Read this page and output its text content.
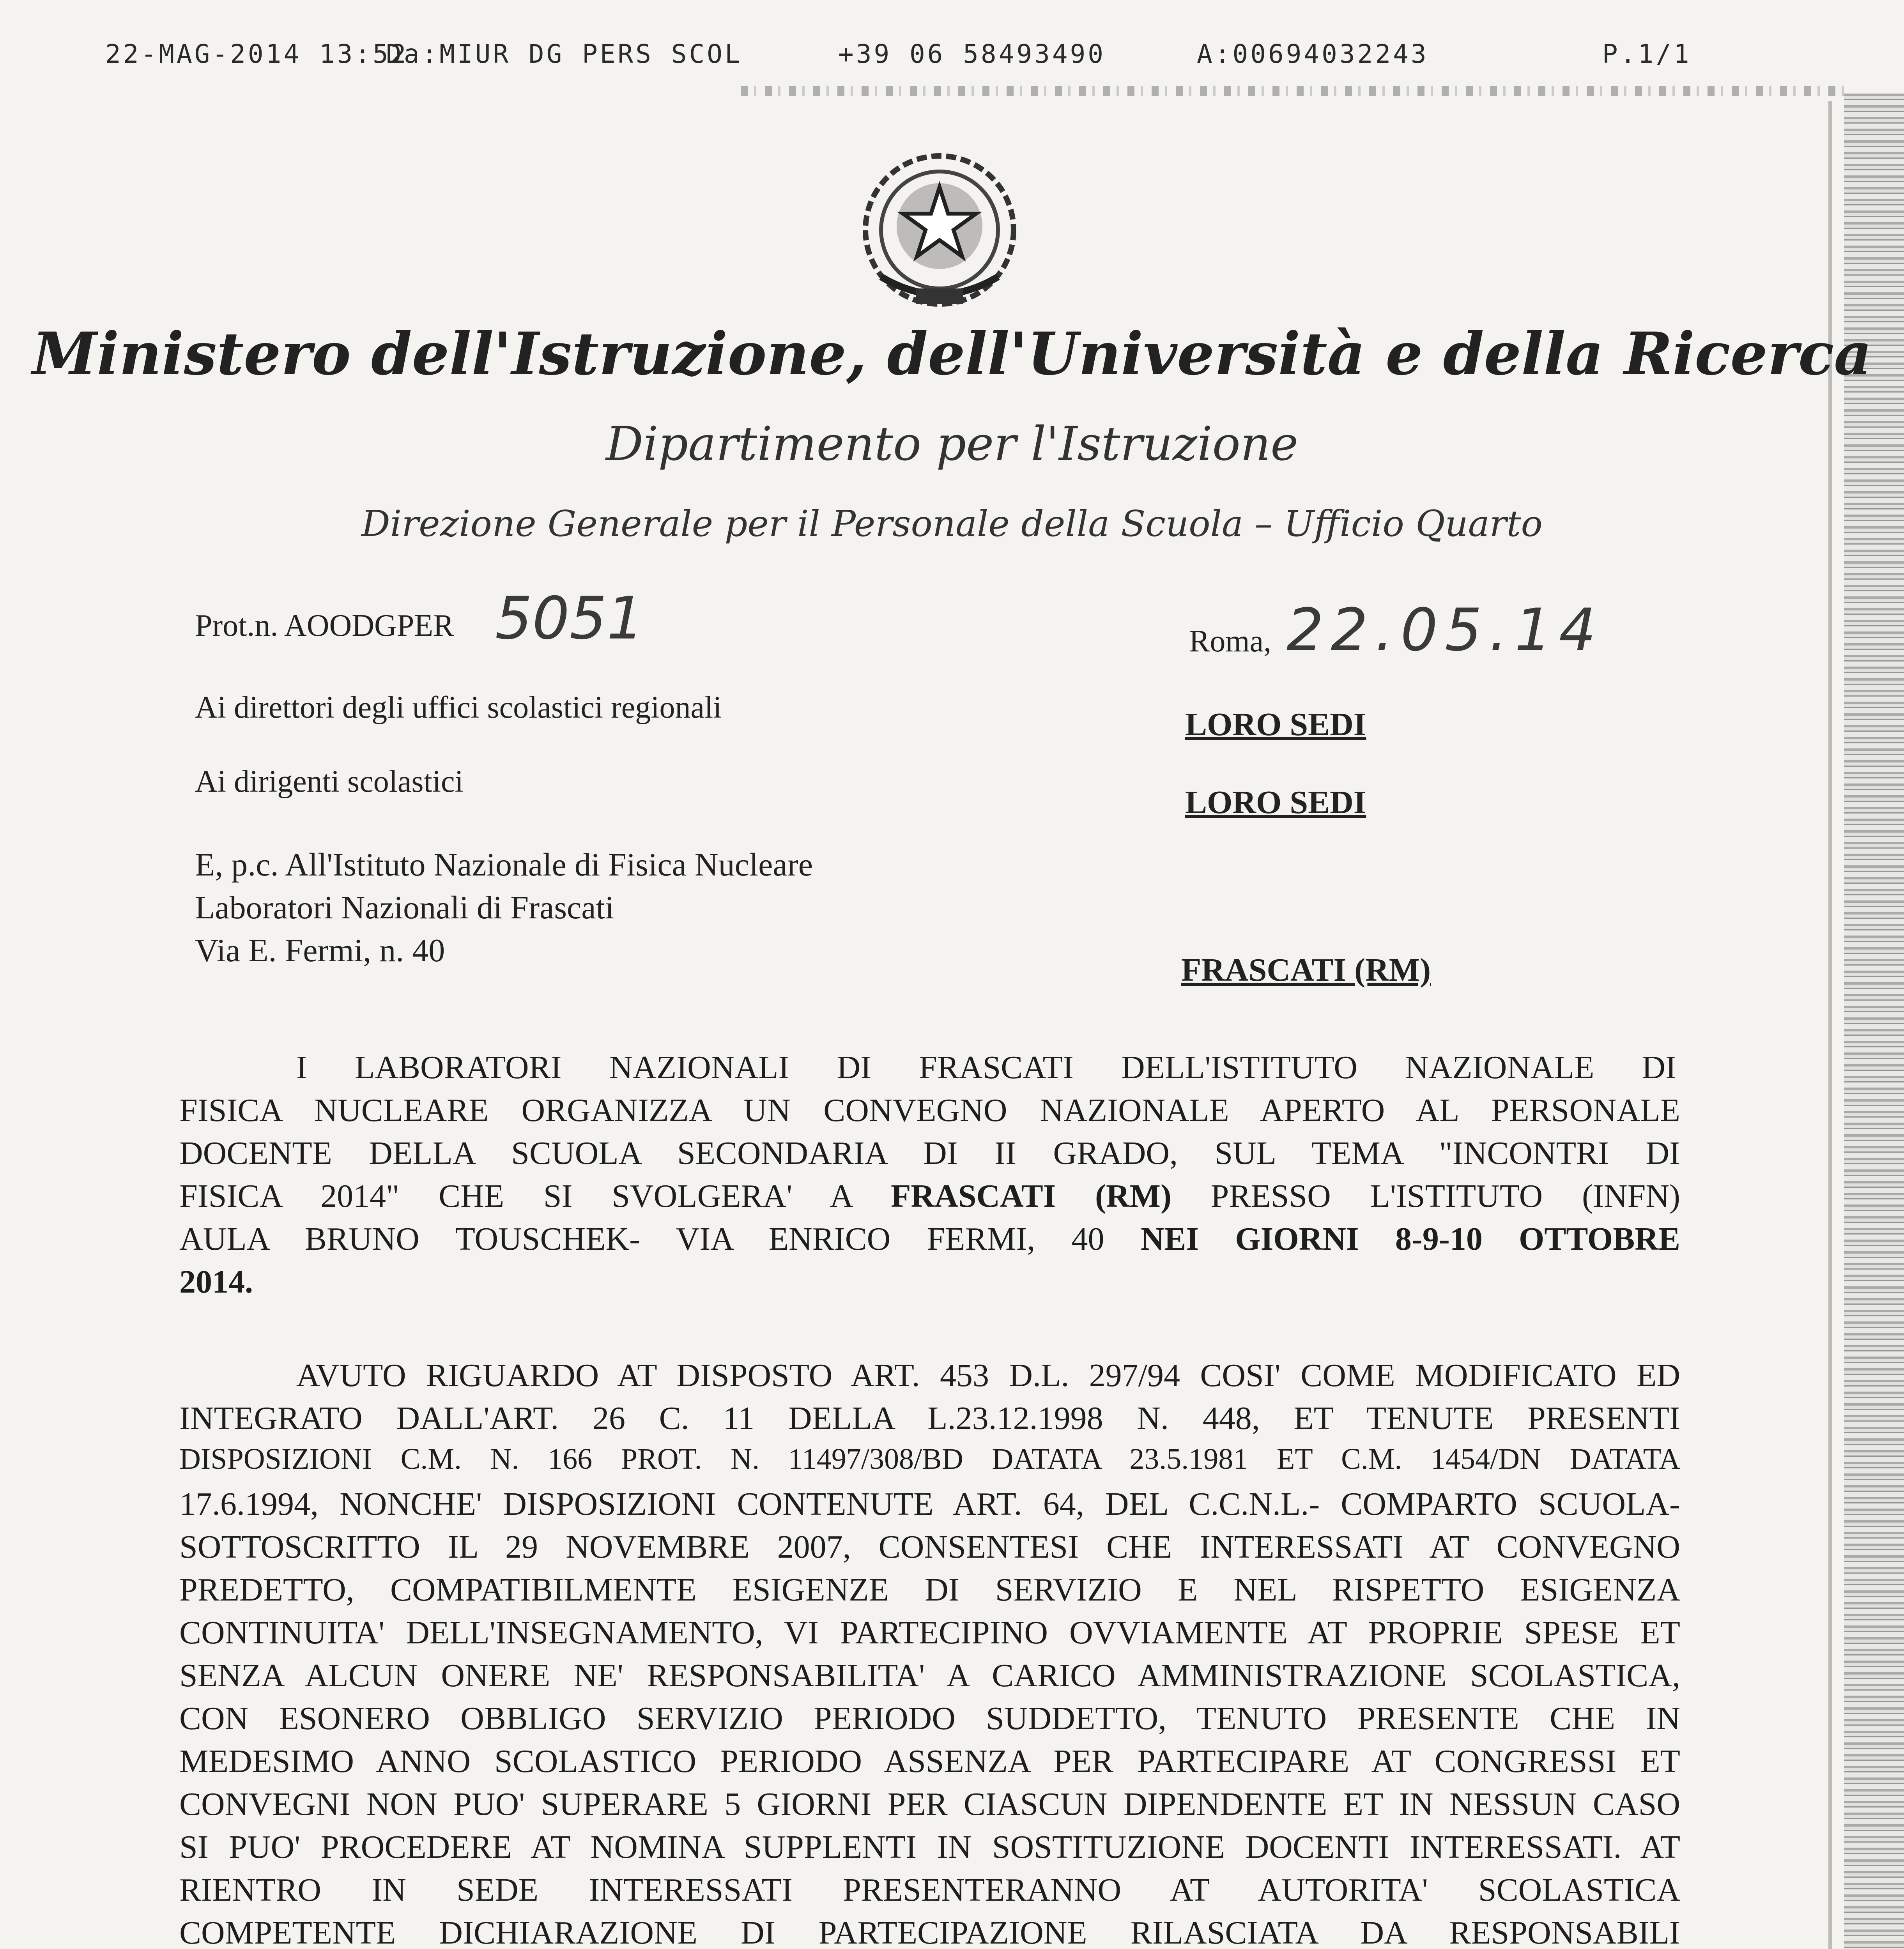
22-MAG-2014 13:52
Da:MIUR DG PERS SCOL	+39 06 58493490	A:00694032243	P.1/1
Ministero dell'Istruzione, dell'Università e della Ricerca
Dipartimento per l'Istruzione
Direzione Generale per il Personale della Scuola – Ufficio Quarto
Prot.n. AOODGPER 5051	Roma, 22.05.14
Ai direttori degli uffici scolastici regionali	LORO SEDI
Ai dirigenti scolastici
LORO SEDI
E, p.c. All'Istituto Nazionale di Fisica Nucleare
Laboratori Nazionali di Frascati
Via E. Fermi, n. 40
FRASCATI (RM)
I LABORATORI NAZIONALI DI FRASCATI DELL'ISTITUTO NAZIONALE DI
FISICA NUCLEARE ORGANIZZA UN CONVEGNO NAZIONALE APERTO AL PERSONALE
DOCENTE DELLA SCUOLA SECONDARIA DI II GRADO, SUL TEMA "INCONTRI DI
FISICA 2014" CHE SI SVOLGERA' A FRASCATI (RM) PRESSO L'ISTITUTO (INFN)
AULA BRUNO TOUSCHEK- VIA ENRICO FERMI, 40 NEI GIORNI 8-9-10 OTTOBRE
2014.
AVUTO RIGUARDO AT DISPOSTO ART. 453 D.L. 297/94 COSI' COME MODIFICATO ED
INTEGRATO DALL'ART. 26 C. 11 DELLA L.23.12.1998 N. 448, ET TENUTE PRESENTI
DISPOSIZIONI C.M. N. 166 PROT. N. 11497/308/BD DATATA 23.5.1981 ET C.M. 1454/DN DATATA
17.6.1994, NONCHE' DISPOSIZIONI CONTENUTE ART. 64, DEL C.C.N.L.- COMPARTO SCUOLA-
SOTTOSCRITTO IL 29 NOVEMBRE 2007, CONSENTESI CHE INTERESSATI AT CONVEGNO
PREDETTO, COMPATIBILMENTE ESIGENZE DI SERVIZIO E NEL RISPETTO ESIGENZA
CONTINUITA' DELL'INSEGNAMENTO, VI PARTECIPINO OVVIAMENTE AT PROPRIE SPESE ET
SENZA ALCUN ONERE NE' RESPONSABILITA' A CARICO AMMINISTRAZIONE SCOLASTICA,
CON ESONERO OBBLIGO SERVIZIO PERIODO SUDDETTO, TENUTO PRESENTE CHE IN
MEDESIMO ANNO SCOLASTICO PERIODO ASSENZA PER PARTECIPARE AT CONGRESSI ET
CONVEGNI NON PUO' SUPERARE 5 GIORNI PER CIASCUN DIPENDENTE ET IN NESSUN CASO
SI PUO' PROCEDERE AT NOMINA SUPPLENTI IN SOSTITUZIONE DOCENTI INTERESSATI. AT
RIENTRO IN SEDE INTERESSATI PRESENTERANNO AT AUTORITA' SCOLASTICA
COMPETENTE DICHIARAZIONE DI PARTECIPAZIONE RILASCIATA DA RESPONSABILI
